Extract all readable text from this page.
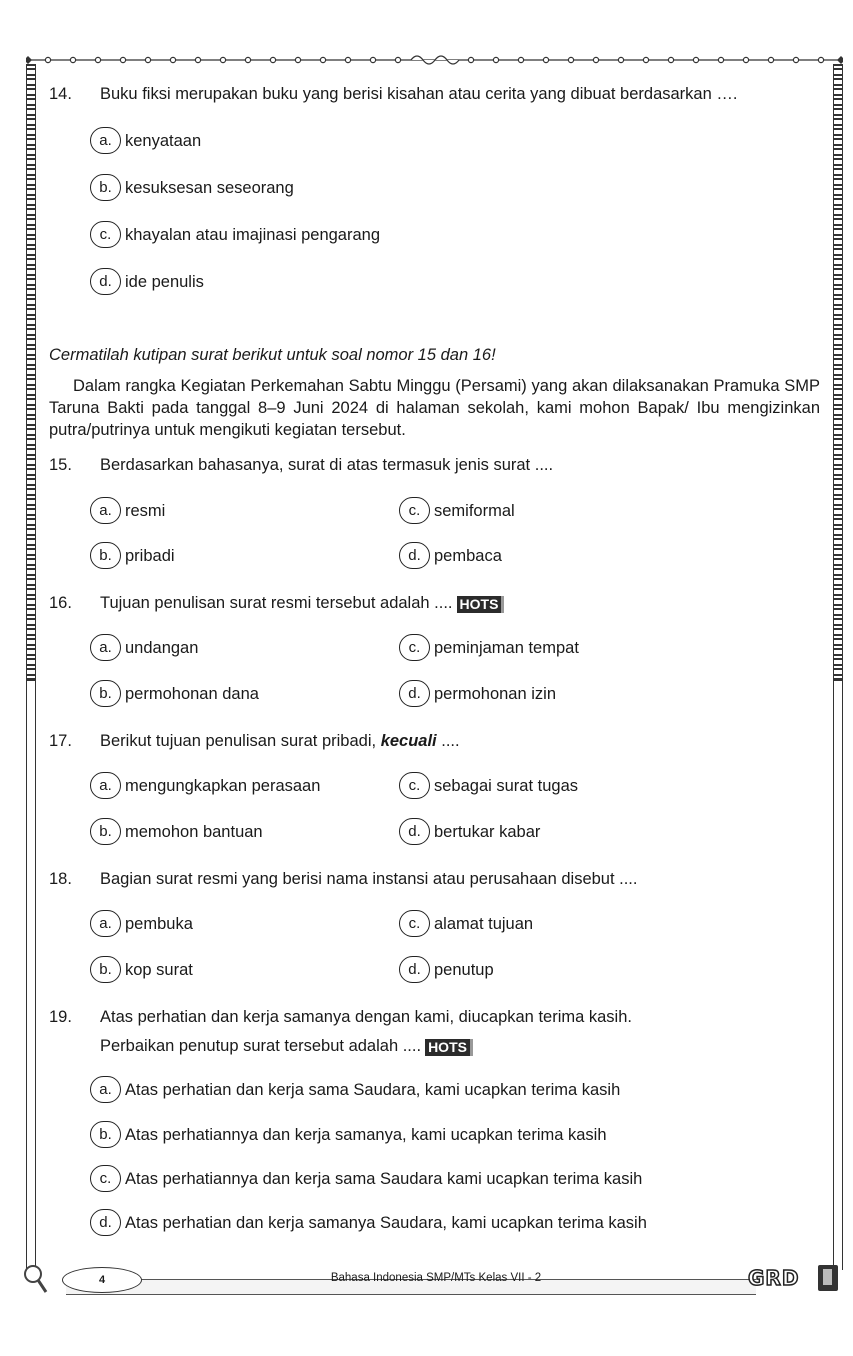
14. Buku fiksi merupakan buku yang berisi kisahan atau cerita yang dibuat berdasarkan ….
a. kenyataan
b. kesuksesan seseorang
c. khayalan atau imajinasi pengarang
d. ide penulis
Cermatilah kutipan surat berikut untuk soal nomor 15 dan 16!
Dalam rangka Kegiatan Perkemahan Sabtu Minggu (Persami) yang akan dilaksanakan Pramuka SMP Taruna Bakti pada tanggal 8–9 Juni 2024 di halaman sekolah, kami mohon Bapak/ Ibu mengizinkan putra/putrinya untuk mengikuti kegiatan tersebut.
15. Berdasarkan bahasanya, surat di atas termasuk jenis surat ....
a. resmi
b. pribadi
c. semiformal
d. pembaca
16. Tujuan penulisan surat resmi tersebut adalah .... HOTS
a. undangan
b. permohonan dana
c. peminjaman tempat
d. permohonan izin
17. Berikut tujuan penulisan surat pribadi, kecuali ....
a. mengungkapkan perasaan
b. memohon bantuan
c. sebagai surat tugas
d. bertukar kabar
18. Bagian surat resmi yang berisi nama instansi atau perusahaan disebut ....
a. pembuka
b. kop surat
c. alamat tujuan
d. penutup
19. Atas perhatian dan kerja samanya dengan kami, diucapkan terima kasih.
Perbaikan penutup surat tersebut adalah .... HOTS
a. Atas perhatian dan kerja sama Saudara, kami ucapkan terima kasih
b. Atas perhatiannya dan kerja samanya, kami ucapkan terima kasih
c. Atas perhatiannya dan kerja sama Saudara kami ucapkan terima kasih
d. Atas perhatian dan kerja samanya Saudara, kami ucapkan terima kasih
Bahasa Indonesia SMP/MTs Kelas VII - 2
4	GRD
